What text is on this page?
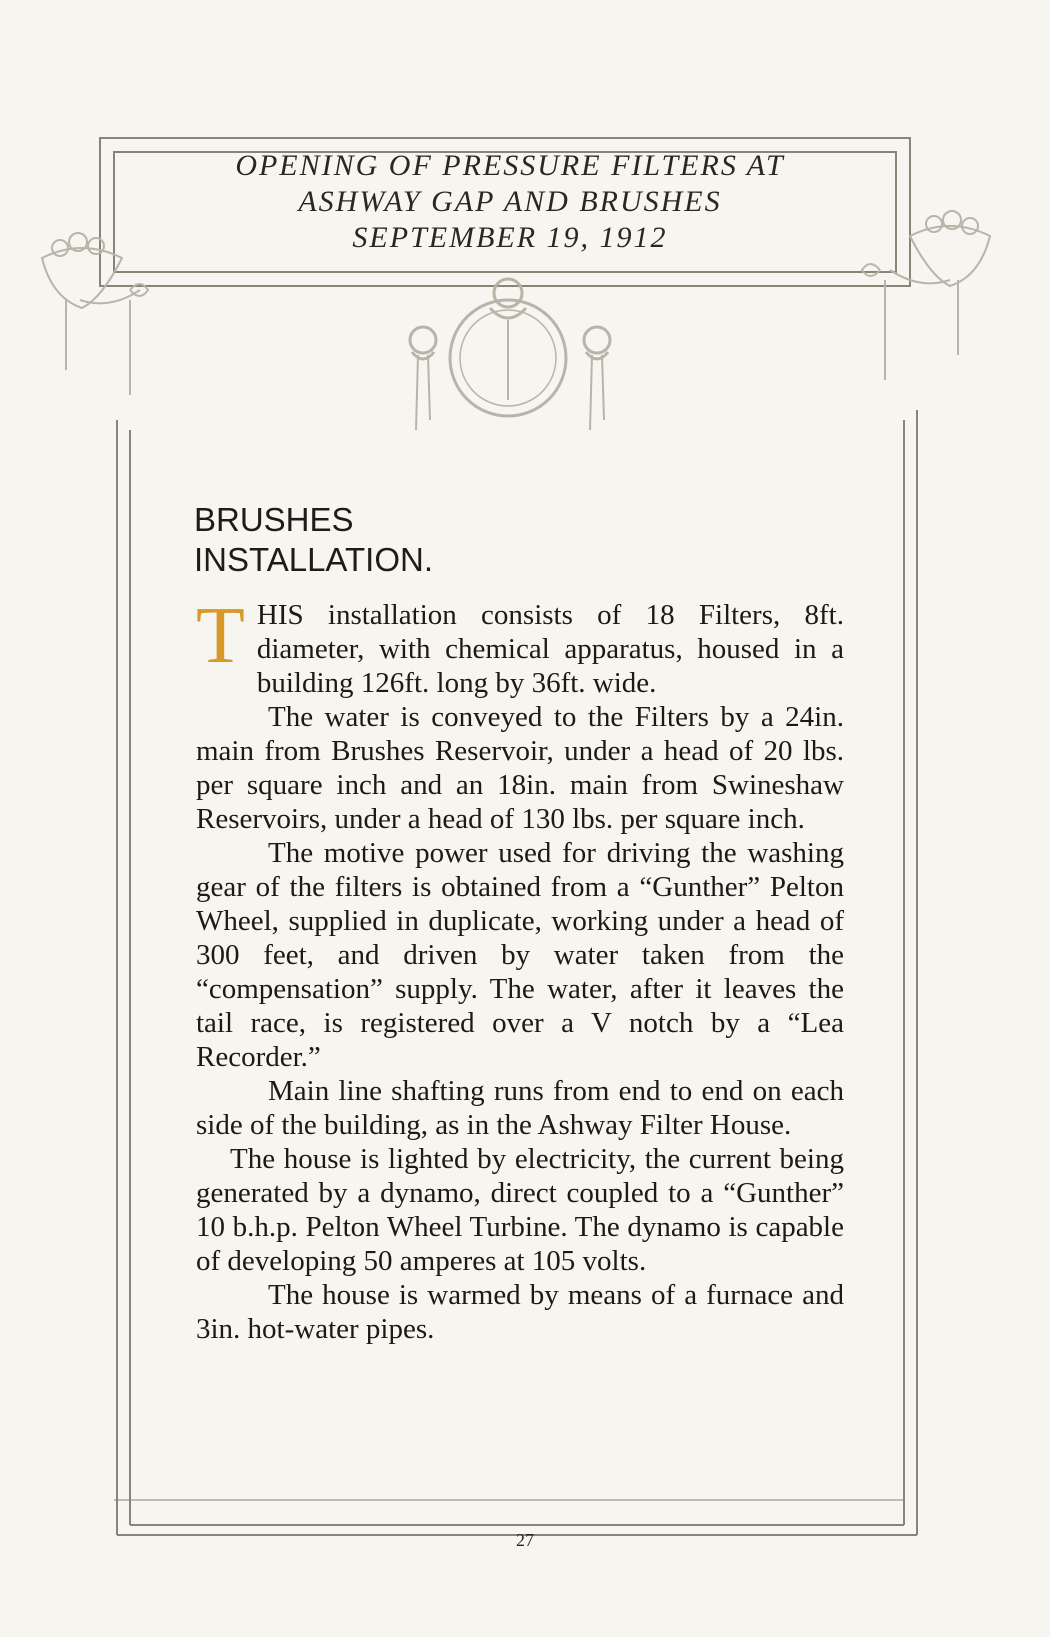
OPENING OF PRESSURE FILTERS AT
ASHWAY GAP AND BRUSHES
SEPTEMBER 19, 1912
BRUSHES
INSTALLATION.

T HIS installation consists of 18 Filters, 8ft. diameter, with chemical apparatus, housed in a building 126ft. long by 36ft. wide.

The water is conveyed to the Filters by a 24in. main from Brushes Reservoir, under a head of 20 lbs. per square inch and an 18in. main from Swineshaw Reservoirs, under a head of 130 lbs. per square inch.

The motive power used for driving the washing gear of the filters is obtained from a “Gunther” Pelton Wheel, supplied in duplicate, working under a head of 300 feet, and driven by water taken from the “compensation” supply. The water, after it leaves the tail race, is registered over a V notch by a “Lea Recorder.”

Main line shafting runs from end to end on each side of the building, as in the Ashway Filter House.

The house is lighted by electricity, the current being generated by a dynamo, direct coupled to a “Gunther” 10 b.h.p. Pelton Wheel Turbine. The dynamo is capable of developing 50 amperes at 105 volts.

The house is warmed by means of a furnace and 3in. hot-water pipes.

27
